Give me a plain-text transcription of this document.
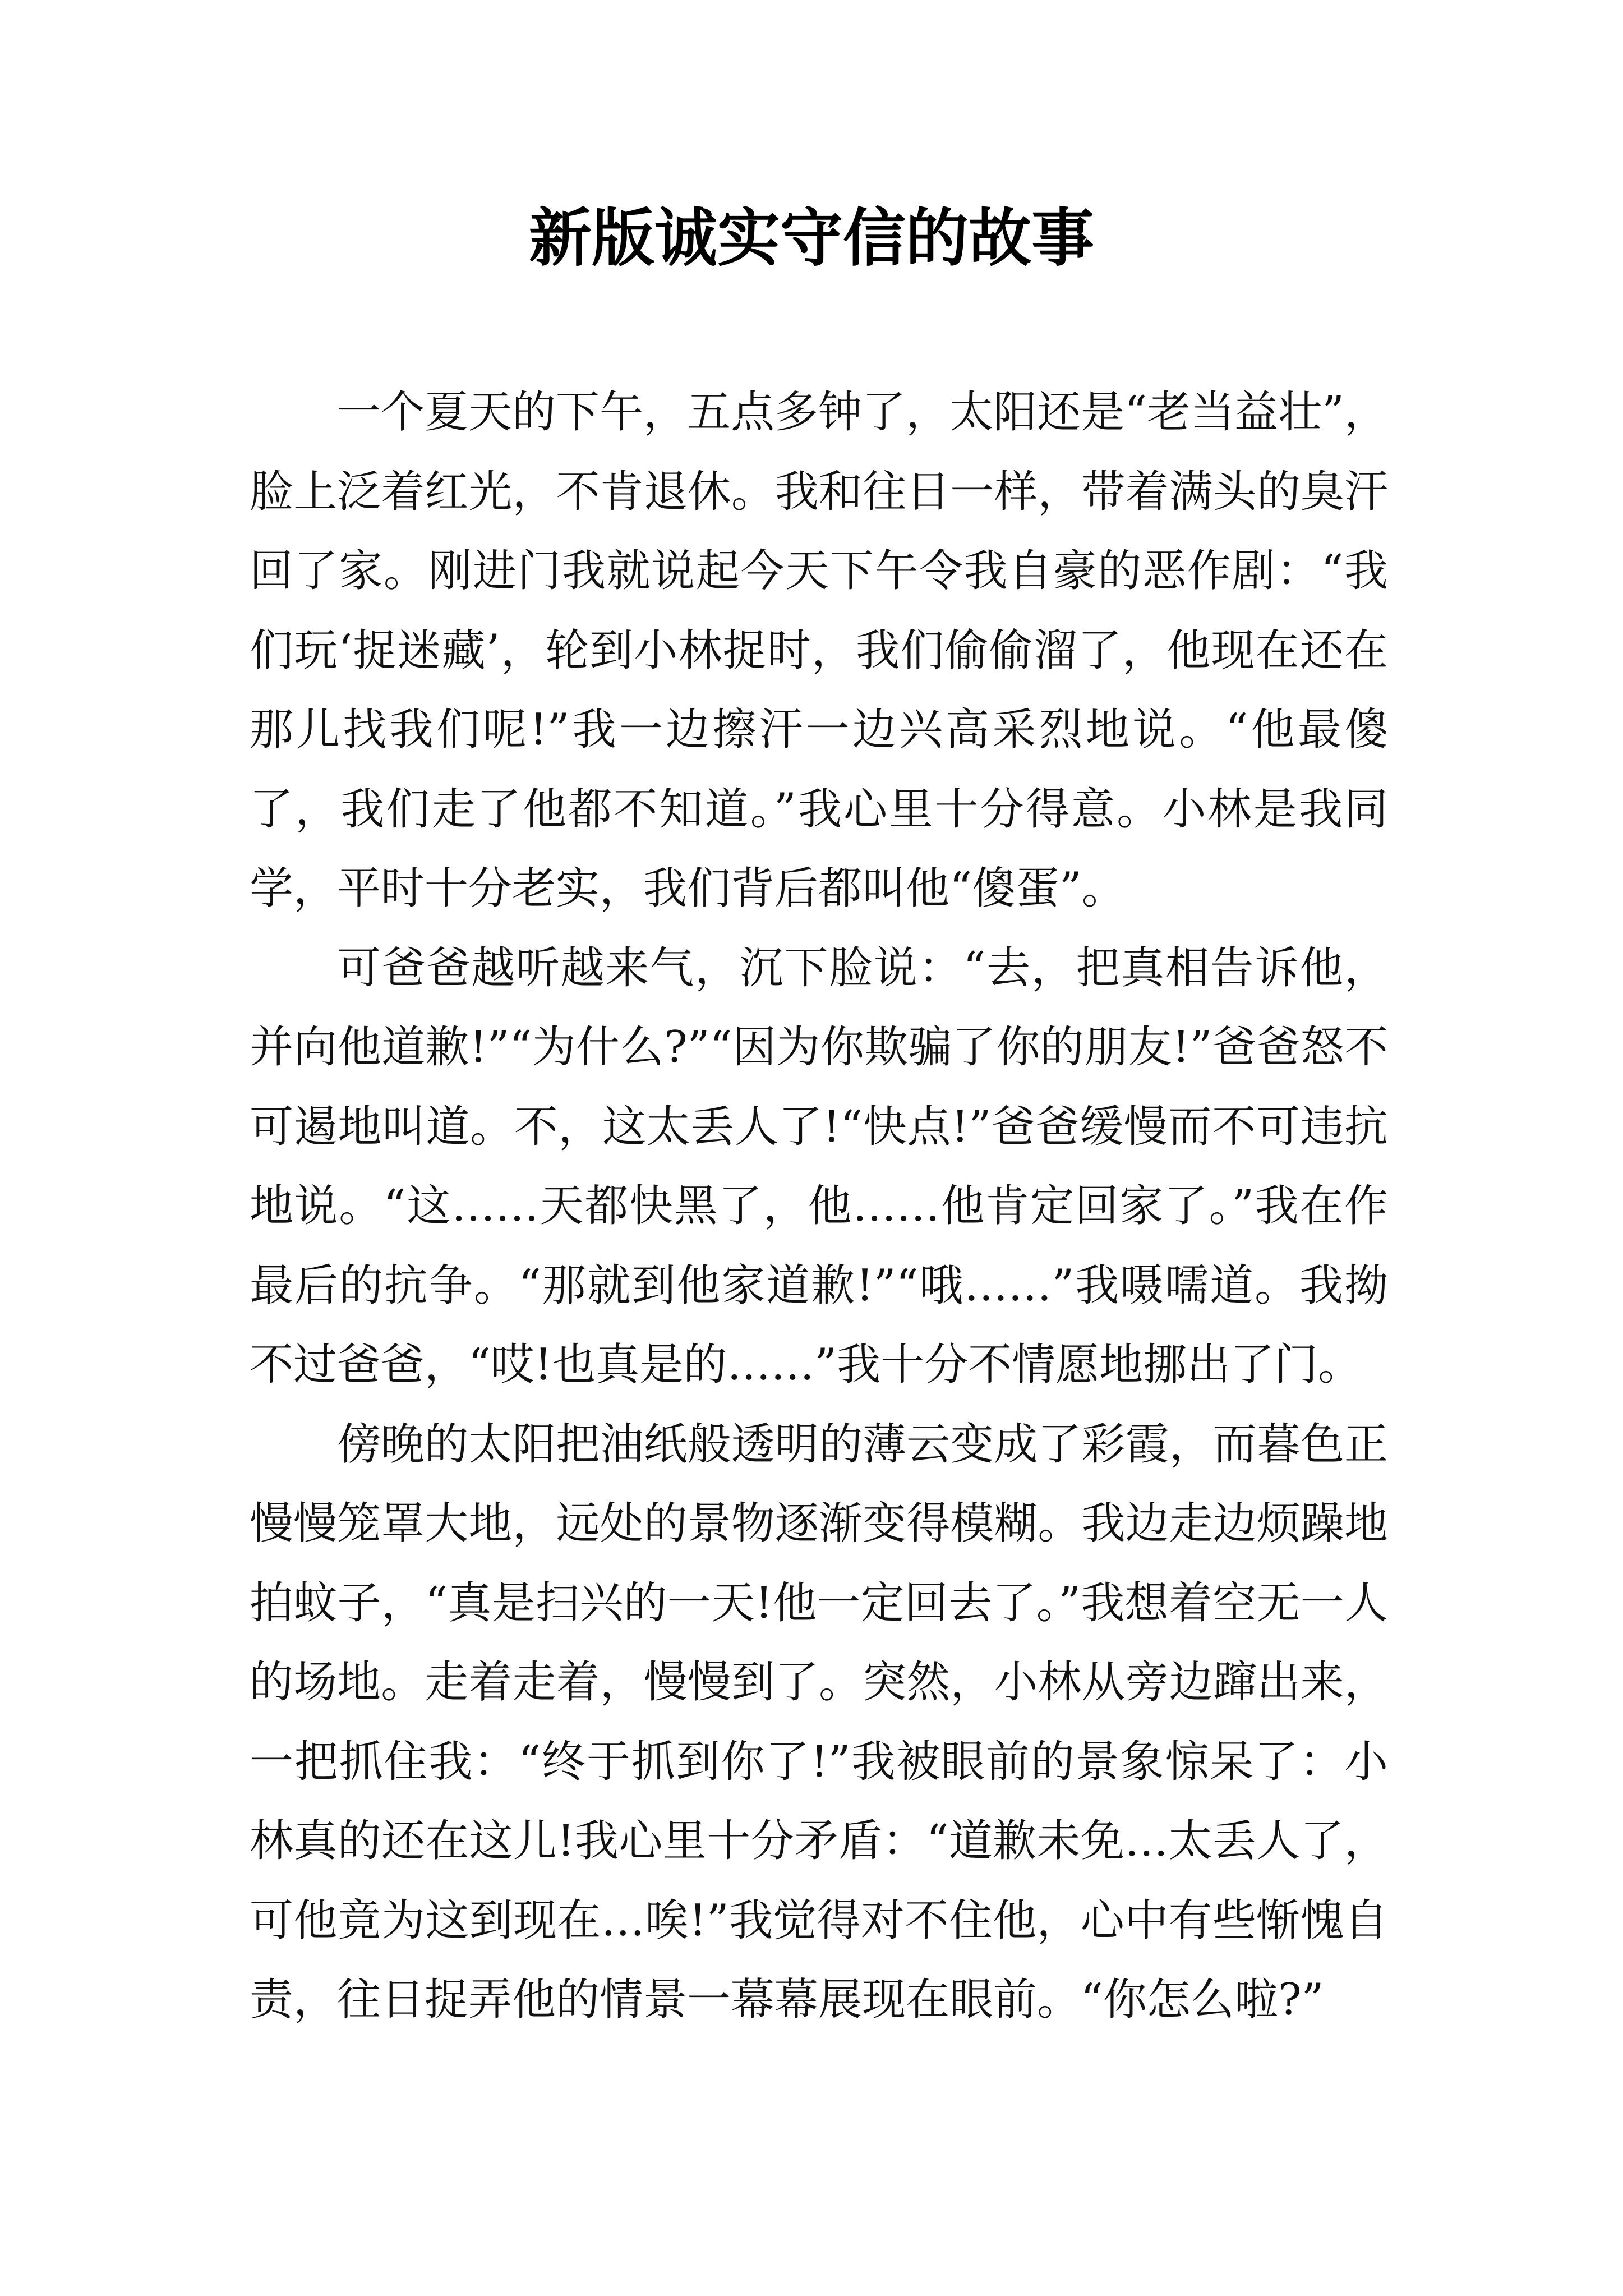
新版诚实守信的故事

一个夏天的下午，五点多钟了，太阳还是“老当益壮”，脸上泛着红光，不肯退休。我和往日一样，带着满头的臭汗回了家。刚进门我就说起今天下午令我自豪的恶作剧：“我们玩‘捉迷藏’，轮到小林捉时，我们偷偷溜了，他现在还在那儿找我们呢!”我一边擦汗一边兴高采烈地说。“他最傻了，我们走了他都不知道。”我心里十分得意。小林是我同学，平时十分老实，我们背后都叫他“傻蛋”。

可爸爸越听越来气，沉下脸说：“去，把真相告诉他，并向他道歉!”“为什么?”“因为你欺骗了你的朋友!”爸爸怒不可遏地叫道。不，这太丢人了!“快点!”爸爸缓慢而不可违抗地说。“这……天都快黑了，他……他肯定回家了。”我在作最后的抗争。“那就到他家道歉!”“哦……”我嗫嚅道。我拗不过爸爸，“哎!也真是的……”我十分不情愿地挪出了门。

傍晚的太阳把油纸般透明的薄云变成了彩霞，而暮色正慢慢笼罩大地，远处的景物逐渐变得模糊。我边走边烦躁地拍蚊子，“真是扫兴的一天!他一定回去了。”我想着空无一人的场地。走着走着，慢慢到了。突然，小林从旁边蹿出来，一把抓住我：“终于抓到你了!”我被眼前的景象惊呆了：小林真的还在这儿!我心里十分矛盾：“道歉未免…太丢人了，可他竟为这到现在…唉!”我觉得对不住他，心中有些惭愧自责，往日捉弄他的情景一幕幕展现在眼前。“你怎么啦?”
